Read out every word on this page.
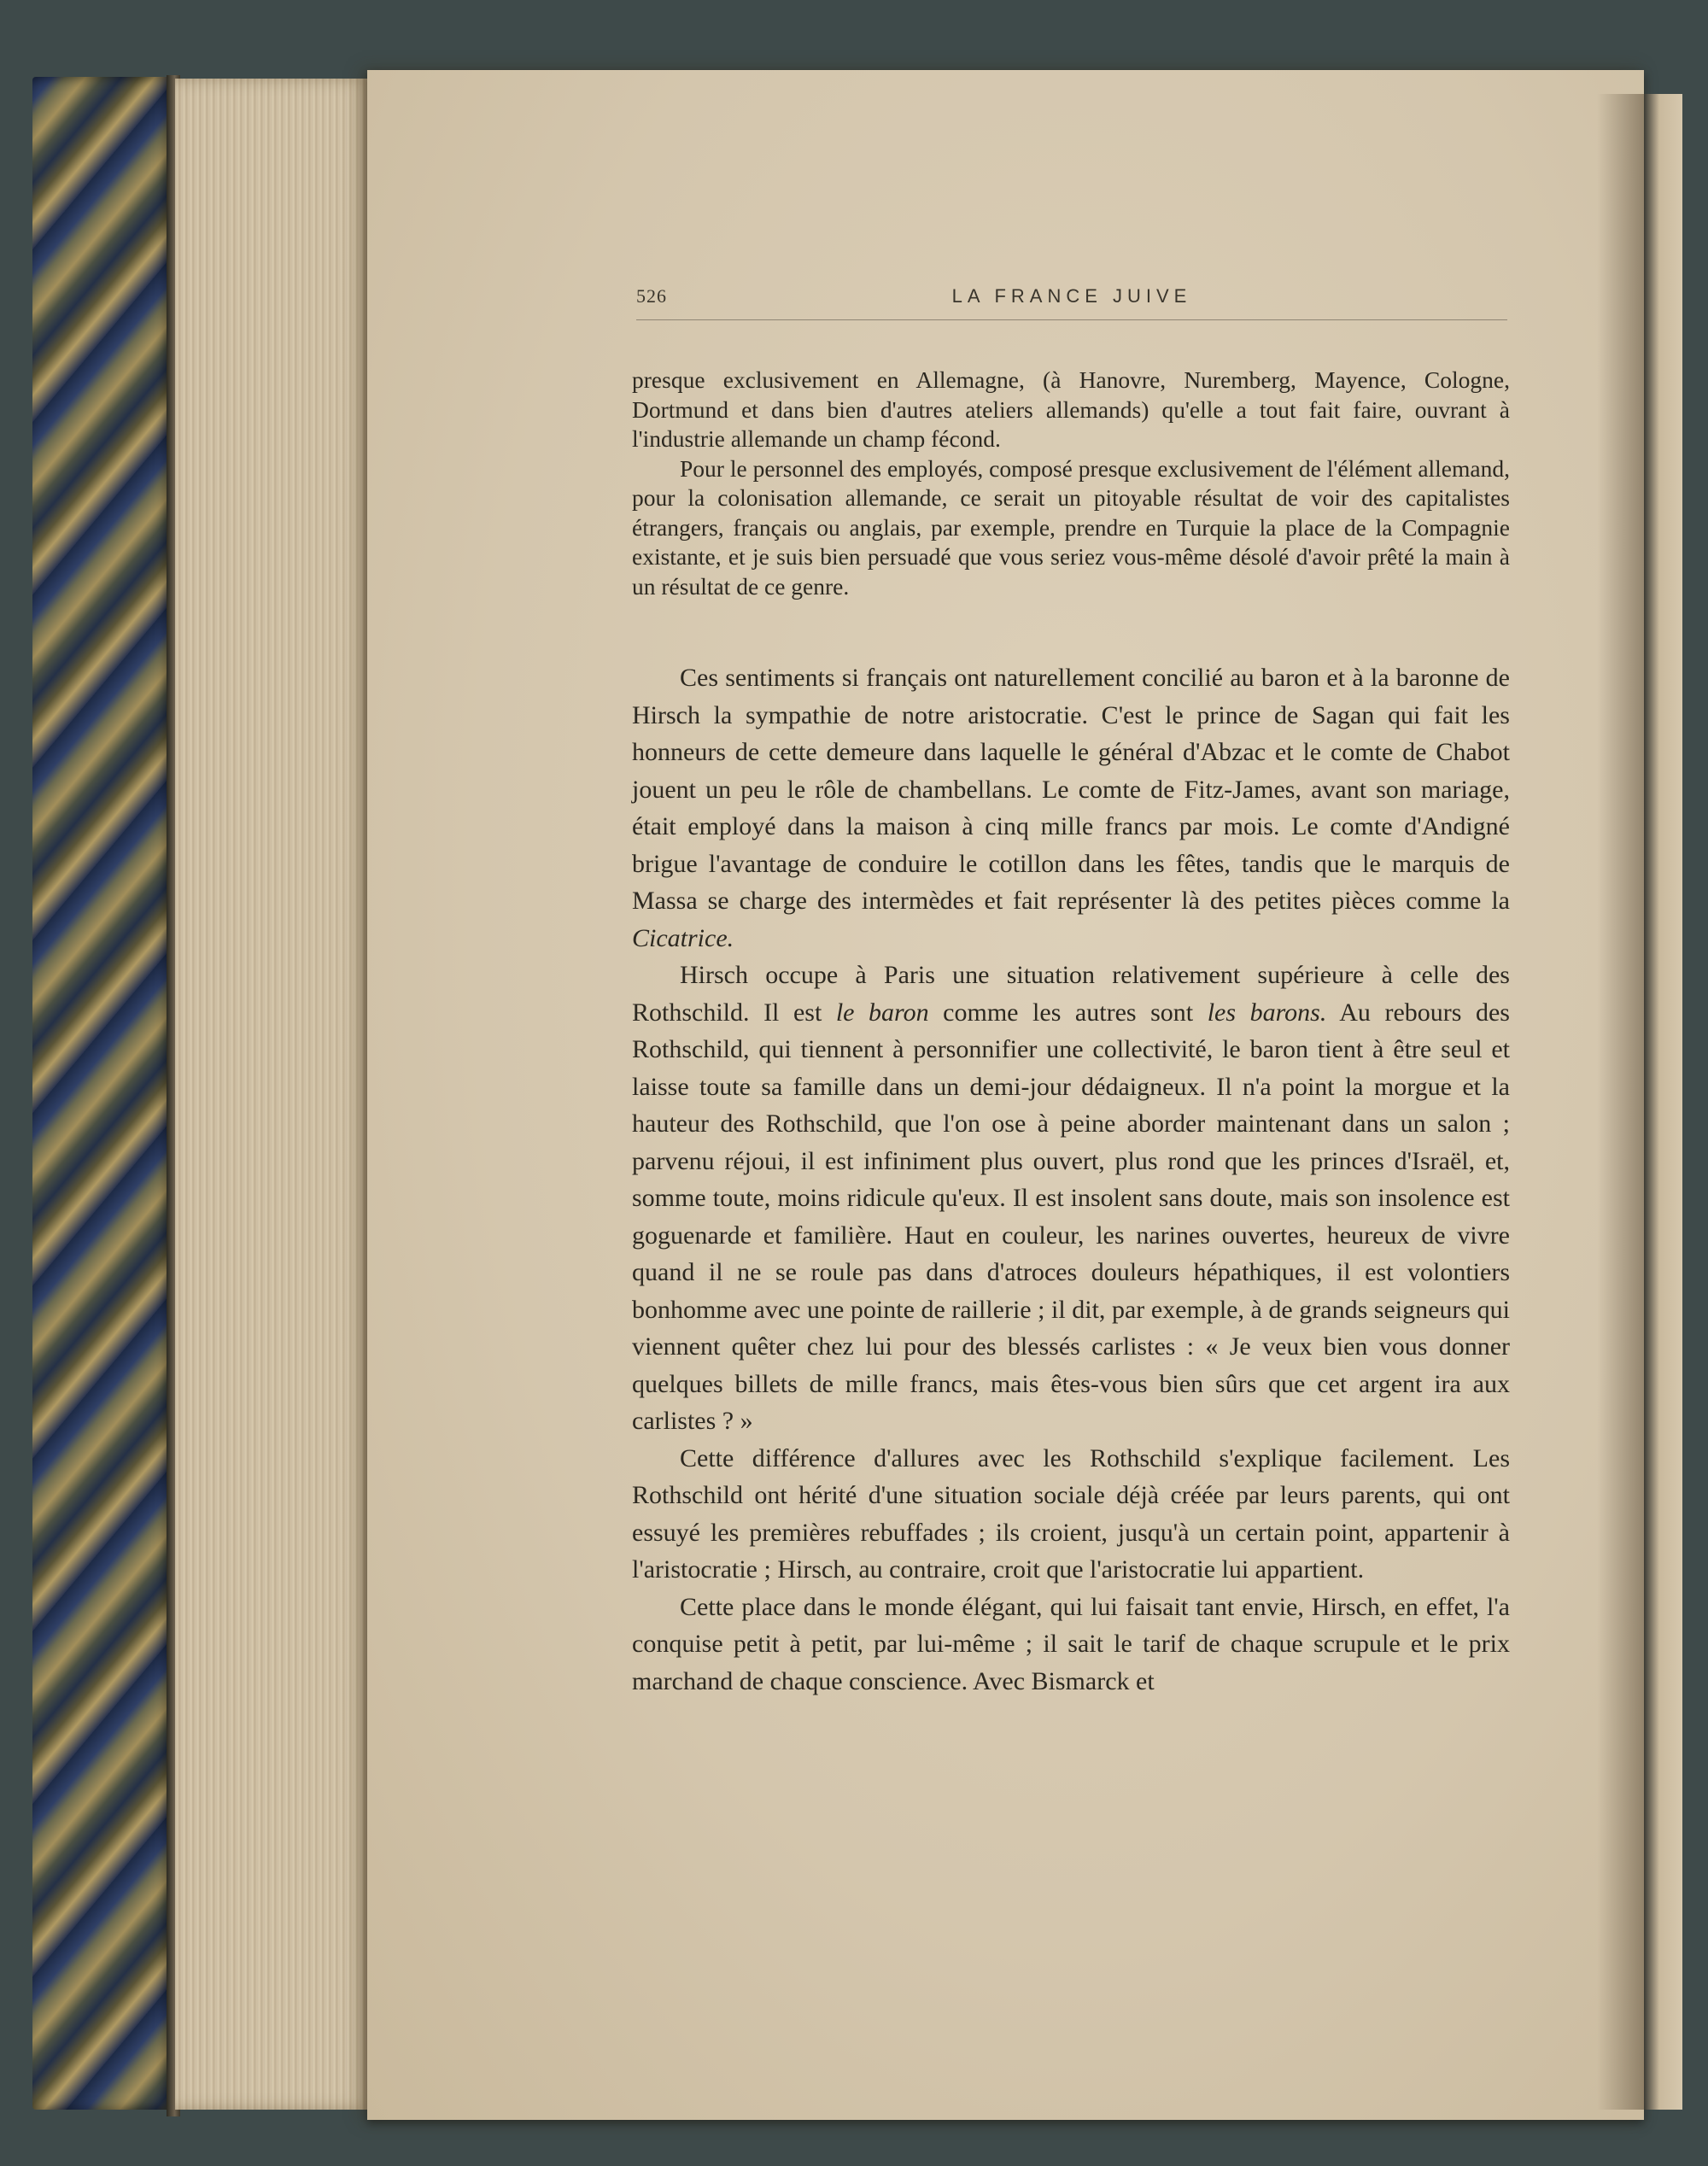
526	LA FRANCE JUIVE

presque exclusivement en Allemagne, (à Hanovre, Nuremberg, Mayence, Cologne, Dortmund et dans bien d'autres ateliers allemands) qu'elle a tout fait faire, ouvrant à l'industrie allemande un champ fécond.

Pour le personnel des employés, composé presque exclusivement de l'élément allemand, pour la colonisation allemande, ce serait un pitoyable résultat de voir des capitalistes étrangers, français ou anglais, par exemple, prendre en Turquie la place de la Compagnie existante, et je suis bien persuadé que vous seriez vous-même désolé d'avoir prêté la main à un résultat de ce genre.

Ces sentiments si français ont naturellement concilié au baron et à la baronne de Hirsch la sympathie de notre aristocratie. C'est le prince de Sagan qui fait les honneurs de cette demeure dans laquelle le général d'Abzac et le comte de Chabot jouent un peu le rôle de chambellans. Le comte de Fitz-James, avant son mariage, était employé dans la maison à cinq mille francs par mois. Le comte d'Andigné brigue l'avantage de conduire le cotillon dans les fêtes, tandis que le marquis de Massa se charge des intermèdes et fait représenter là des petites pièces comme la Cicatrice.

Hirsch occupe à Paris une situation relativement supérieure à celle des Rothschild. Il est le baron comme les autres sont les barons. Au rebours des Rothschild, qui tiennent à personnifier une collectivité, le baron tient à être seul et laisse toute sa famille dans un demi-jour dédaigneux. Il n'a point la morgue et la hauteur des Rothschild, que l'on ose à peine aborder maintenant dans un salon ; parvenu réjoui, il est infiniment plus ouvert, plus rond que les princes d'Israël, et, somme toute, moins ridicule qu'eux. Il est insolent sans doute, mais son insolence est goguenarde et familière. Haut en couleur, les narines ouvertes, heureux de vivre quand il ne se roule pas dans d'atroces douleurs hépathiques, il est volontiers bonhomme avec une pointe de raillerie ; il dit, par exemple, à de grands seigneurs qui viennent quêter chez lui pour des blessés carlistes : « Je veux bien vous donner quelques billets de mille francs, mais êtes-vous bien sûrs que cet argent ira aux carlistes ? »

Cette différence d'allures avec les Rothschild s'explique facilement. Les Rothschild ont hérité d'une situation sociale déjà créée par leurs parents, qui ont essuyé les premières rebuffades ; ils croient, jusqu'à un certain point, appartenir à l'aristocratie ; Hirsch, au contraire, croit que l'aristocratie lui appartient.

Cette place dans le monde élégant, qui lui faisait tant envie, Hirsch, en effet, l'a conquise petit à petit, par lui-même ; il sait le tarif de chaque scrupule et le prix marchand de chaque conscience. Avec Bismarck et
